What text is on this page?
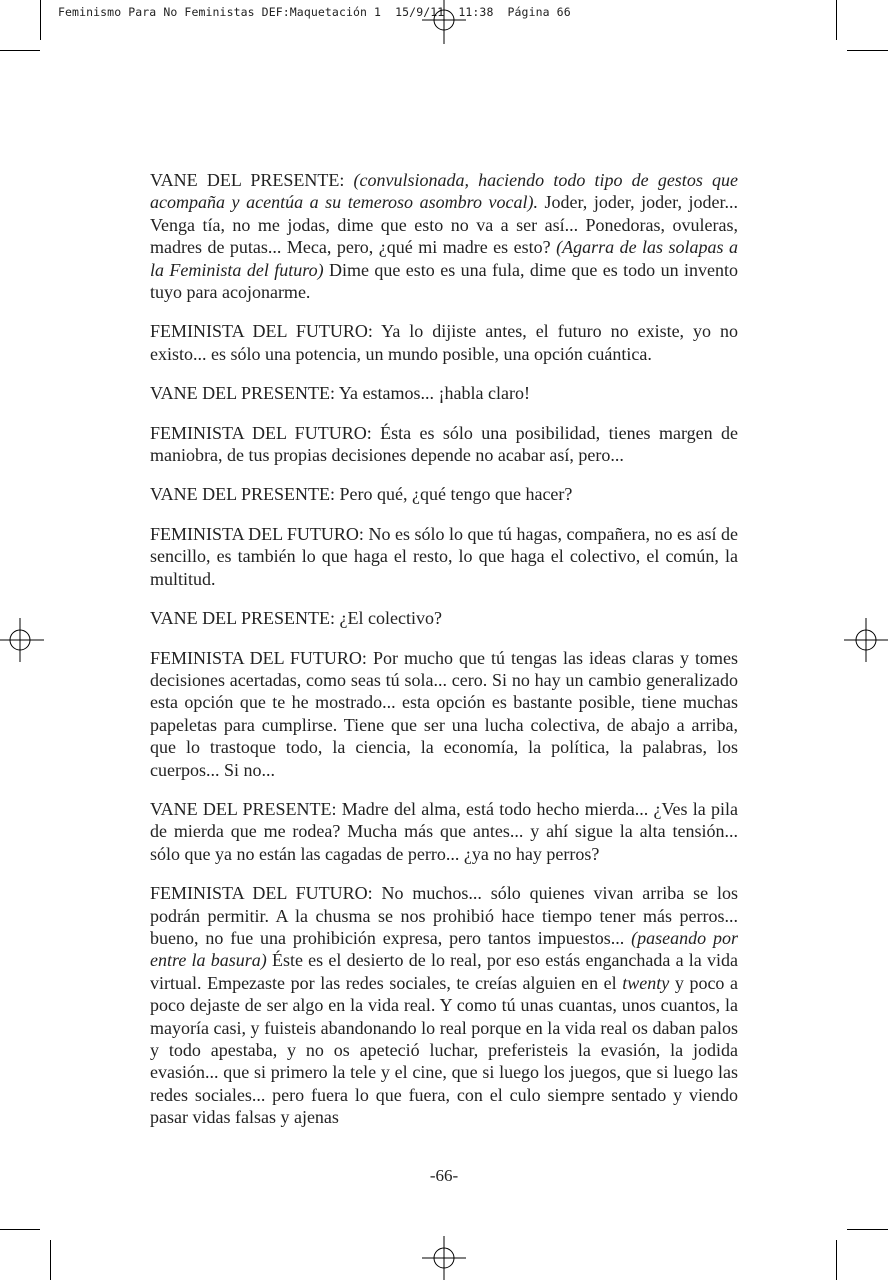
Feminismo Para No Feministas DEF:Maquetación 1  15/9/11  11:38  Página 66

VANE DEL PRESENTE: (convulsionada, haciendo todo tipo de gestos que acompaña y acentúa a su temeroso asombro vocal). Joder, joder, joder, joder... Venga tía, no me jodas, dime que esto no va a ser así... Ponedoras, ovuleras, madres de putas... Meca, pero, ¿qué mi madre es esto? (Agarra de las solapas a la Feminista del futuro) Dime que esto es una fula, dime que es todo un invento tuyo para acojonarme.

FEMINISTA DEL FUTURO: Ya lo dijiste antes, el futuro no existe, yo no existo... es sólo una potencia, un mundo posible, una opción cuántica.

VANE DEL PRESENTE: Ya estamos... ¡habla claro!

FEMINISTA DEL FUTURO: Ésta es sólo una posibilidad, tienes margen de maniobra, de tus propias decisiones depende no acabar así, pero...

VANE DEL PRESENTE: Pero qué, ¿qué tengo que hacer?

FEMINISTA DEL FUTURO: No es sólo lo que tú hagas, compañera, no es así de sencillo, es también lo que haga el resto, lo que haga el colectivo, el común, la multitud.

VANE DEL PRESENTE: ¿El colectivo?

FEMINISTA DEL FUTURO: Por mucho que tú tengas las ideas claras y tomes decisiones acertadas, como seas tú sola... cero. Si no hay un cambio generalizado esta opción que te he mostrado... esta opción es bastante posible, tiene muchas papeletas para cumplirse. Tiene que ser una lucha colectiva, de abajo a arriba, que lo trastoque todo, la ciencia, la economía, la política, la palabras, los cuerpos... Si no...

VANE DEL PRESENTE: Madre del alma, está todo hecho mierda... ¿Ves la pila de mierda que me rodea? Mucha más que antes... y ahí sigue la alta tensión... sólo que ya no están las cagadas de perro... ¿ya no hay perros?

FEMINISTA DEL FUTURO: No muchos... sólo quienes vivan arriba se los podrán permitir. A la chusma se nos prohibió hace tiempo tener más perros... bueno, no fue una prohibición expresa, pero tantos impuestos... (paseando por entre la basura) Éste es el desierto de lo real, por eso estás enganchada a la vida virtual. Empezaste por las redes sociales, te creías alguien en el twenty y poco a poco dejaste de ser algo en la vida real. Y como tú unas cuantas, unos cuantos, la mayoría casi, y fuisteis abandonando lo real porque en la vida real os daban palos y todo apestaba, y no os apeteció luchar, preferisteis la evasión, la jodida evasión... que si primero la tele y el cine, que si luego los juegos, que si luego las redes sociales... pero fuera lo que fuera, con el culo siempre sentado y viendo pasar vidas falsas y ajenas

-66-
